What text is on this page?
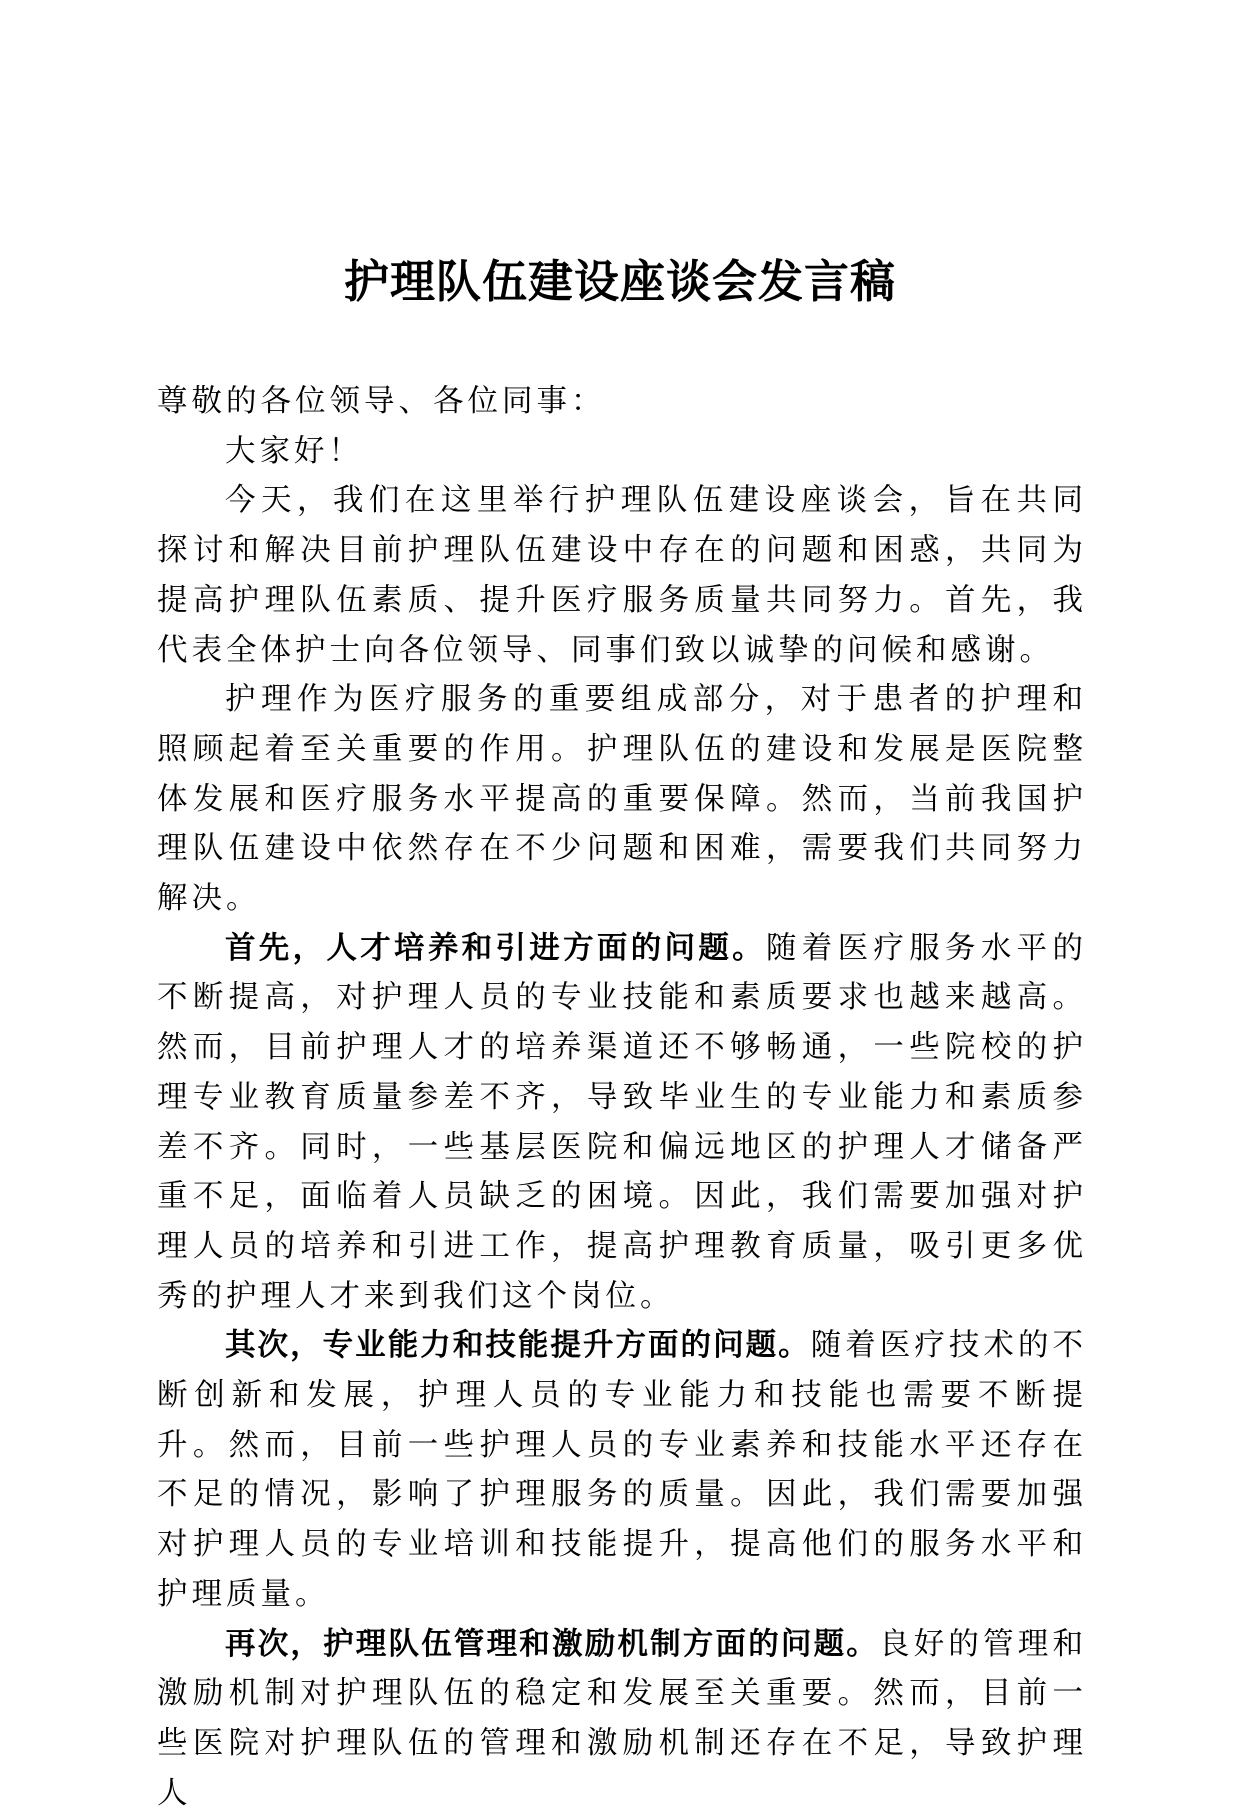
护理队伍建设座谈会发言稿

尊敬的各位领导、各位同事：

大家好！

今天，我们在这里举行护理队伍建设座谈会，旨在共同探讨和解决目前护理队伍建设中存在的问题和困惑，共同为提高护理队伍素质、提升医疗服务质量共同努力。首先，我代表全体护士向各位领导、同事们致以诚挚的问候和感谢。

护理作为医疗服务的重要组成部分，对于患者的护理和照顾起着至关重要的作用。护理队伍的建设和发展是医院整体发展和医疗服务水平提高的重要保障。然而，当前我国护理队伍建设中依然存在不少问题和困难，需要我们共同努力解决。

首先，人才培养和引进方面的问题。随着医疗服务水平的不断提高，对护理人员的专业技能和素质要求也越来越高。然而，目前护理人才的培养渠道还不够畅通，一些院校的护理专业教育质量参差不齐，导致毕业生的专业能力和素质参差不齐。同时，一些基层医院和偏远地区的护理人才储备严重不足，面临着人员缺乏的困境。因此，我们需要加强对护理人员的培养和引进工作，提高护理教育质量，吸引更多优秀的护理人才来到我们这个岗位。

其次，专业能力和技能提升方面的问题。随着医疗技术的不断创新和发展，护理人员的专业能力和技能也需要不断提升。然而，目前一些护理人员的专业素养和技能水平还存在不足的情况，影响了护理服务的质量。因此，我们需要加强对护理人员的专业培训和技能提升，提高他们的服务水平和护理质量。

再次，护理队伍管理和激励机制方面的问题。良好的管理和激励机制对护理队伍的稳定和发展至关重要。然而，目前一些医院对护理队伍的管理和激励机制还存在不足，导致护理人
